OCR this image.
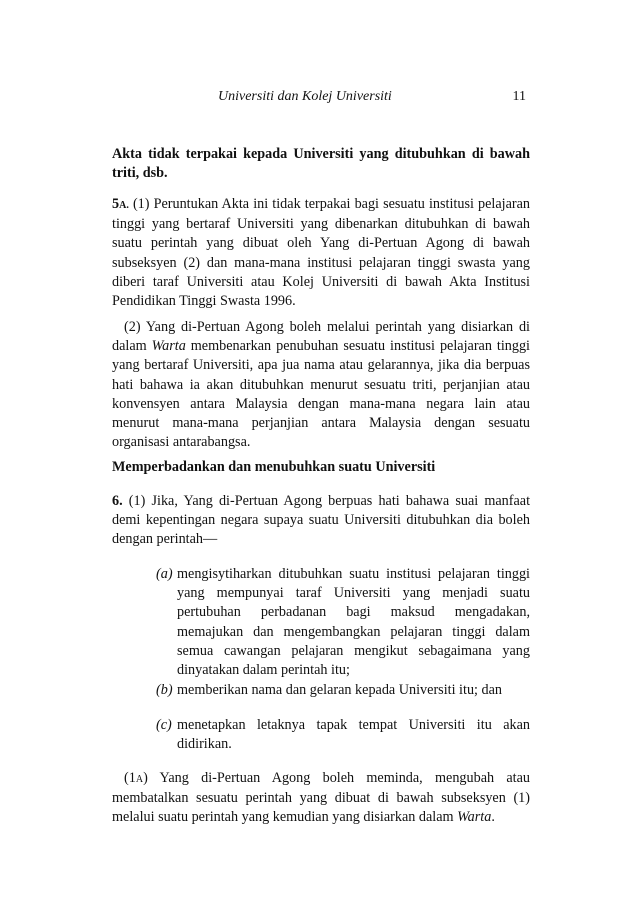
Universiti dan Kolej Universiti	11
Akta tidak terpakai kepada Universiti yang ditubuhkan di bawah triti, dsb.
5A. (1) Peruntukan Akta ini tidak terpakai bagi sesuatu institusi pelajaran tinggi yang bertaraf Universiti yang dibenarkan ditubuhkan di bawah suatu perintah yang dibuat oleh Yang di-Pertuan Agong di bawah subseksyen (2) dan mana-mana institusi pelajaran tinggi swasta yang diberi taraf Universiti atau Kolej Universiti di bawah Akta Institusi Pendidikan Tinggi Swasta 1996.
(2) Yang di-Pertuan Agong boleh melalui perintah yang disiarkan di dalam Warta membenarkan penubuhan sesuatu institusi pelajaran tinggi yang bertaraf Universiti, apa jua nama atau gelarannya, jika dia berpuas hati bahawa ia akan ditubuhkan menurut sesuatu triti, perjanjian atau konvensyen antara Malaysia dengan mana-mana negara lain atau menurut mana-mana perjanjian antara Malaysia dengan sesuatu organisasi antarabangsa.
Memperbadankan dan menubuhkan suatu Universiti
6. (1) Jika, Yang di-Pertuan Agong berpuas hati bahawa suai manfaat demi kepentingan negara supaya suatu Universiti ditubuhkan dia boleh dengan perintah—
(a) mengisytiharkan ditubuhkan suatu institusi pelajaran tinggi yang mempunyai taraf Universiti yang menjadi suatu pertubuhan perbadanan bagi maksud mengadakan, memajukan dan mengembangkan pelajaran tinggi dalam semua cawangan pelajaran mengikut sebagaimana yang dinyatakan dalam perintah itu;
(b) memberikan nama dan gelaran kepada Universiti itu; dan
(c) menetapkan letaknya tapak tempat Universiti itu akan didirikan.
(1A) Yang di-Pertuan Agong boleh meminda, mengubah atau membatalkan sesuatu perintah yang dibuat di bawah subseksyen (1) melalui suatu perintah yang kemudian yang disiarkan dalam Warta.
